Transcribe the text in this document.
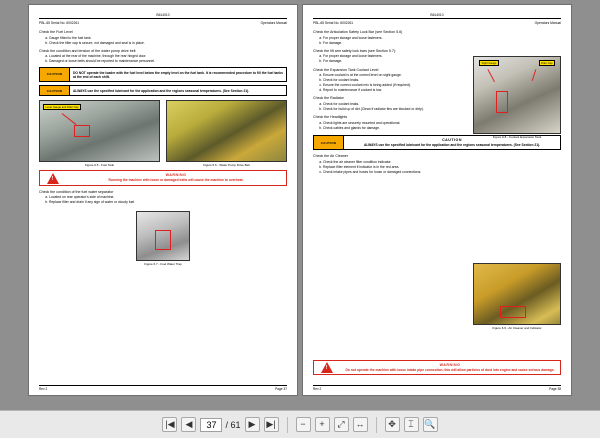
B614010
PBL-65 Serial No. 6002261	Operators Manual
Check the Fuel Level
a. Gauge fitted to the fuel tank.
b. Check the filler cap is secure, not damaged and seal is in place.
Check the condition and tension of the water pump drive belt
a. Located at the rear of the machine, through the rear hinged door.
b. Damaged or loose belts should be reported to maintenance personnel.
CAUTION	DO NOT operate the loader with the fuel level below the empty level on the fuel tank. It is recommended procedure to fill the fuel tanks at the end of each shift.
CAUTION	ALWAYS use the specified lubricant for the application and the regions seasonal temperatures. (See Section 21).
Lever Gauge and Filler Cap
Figure 6.5 - Fuel Tank	Figure 6.6 - Water Pump Drive Belt
!
WARNING
Running the machine with loose or damaged belts will cause the machine to overheat.
Check the condition of the fuel water separator
a. Located on rear operator's side of machine.
b. Replace filter and drain if any sign of water or cloudy fuel.
Figure 6.7 - Fuel Water Trap
Rev 2	Page 37
B614010
PBL-65 Serial No. 6002261	Operators Manual
Check the Articulation Safety Lock Bar (see Section 5.6)
a. For proper storage and loose fasteners.
b. For damage.
Check the lift arm safety lock bars (see Section 5.7):
a. For proper storage and loose fasteners.
b. For damage.
Check the Expansion Tank Coolant Level
a. Ensure coolant is at the correct level on sight gauge.
b. Check for coolant leaks.
c. Ensure the correct coolant mix is being added (if required).
d. Report to maintenance if coolant is low.
Sight Gauge	Filler Cap
Figure 6.8 - Coolant Expansion Tank
Check the Radiator
a. Check for coolant leaks.
b. Check for build up of dirt (Clean if radiator fins are blocked or dirty).
Check the Headlights
a. Check lights are securely mounted and operational.
b. Check cables and glands for damage.
CAUTION
CAUTION
ALWAYS use the specified lubricant for the application and the regions seasonal temperatures. (See Section 21).
Check the Air Cleaner
a. Check the air cleaner filter condition indicator.
b. Replace filter element if indicator is in the red area.
c. Check intake pipes and hoses for loose or damaged connections.
Figure 6.9 - Air Cleaner and Indicator
!
WARNING
Do not operate the machine with loose intake pipe connection, this will allow particles of dust into engine and cause serious damage.
Rev 2	Page 38
|◀ ◀
37	/ 61 ▶ ▶|	− + ⤢ ↔	✥ ⌶ 🔍
